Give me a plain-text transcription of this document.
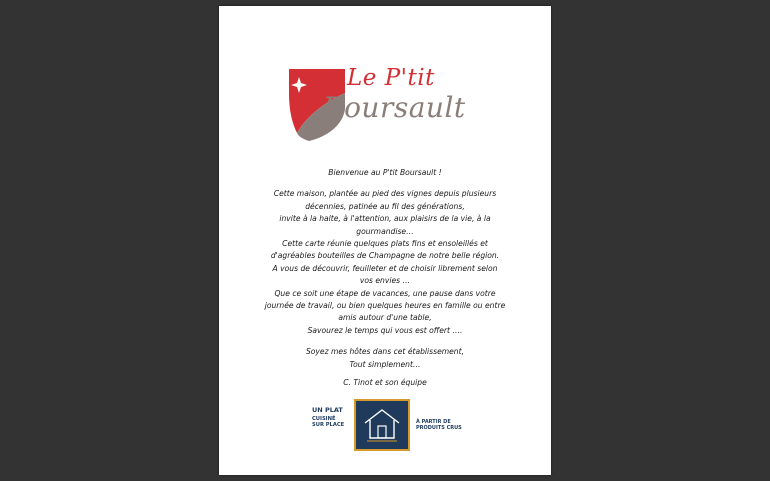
Le P'tit
Boursault

Bienvenue au P'tit Boursault !

Cette maison, plantée au pied des vignes depuis plusieurs

décennies, patinée au fil des générations,

invite à la halte, à l'attention, aux plaisirs de la vie, à la

gourmandise…

Cette carte réunie quelques plats fins et ensoleillés et

d'agréables bouteilles de Champagne de notre belle région.

A vous de découvrir, feuilleter et de choisir librement selon

vos envies …

Que ce soit une étape de vacances, une pause dans votre

journée de travail, ou bien quelques heures en famille ou entre

amis autour d'une table,

Savourez le temps qui vous est offert ….

Soyez mes hôtes dans cet établissement,

Tout simplement…

C. Tinot et son équipe

UN PLAT
CUISINÉ
SUR PLACE	À PARTIR DE
PRODUITS CRUS
